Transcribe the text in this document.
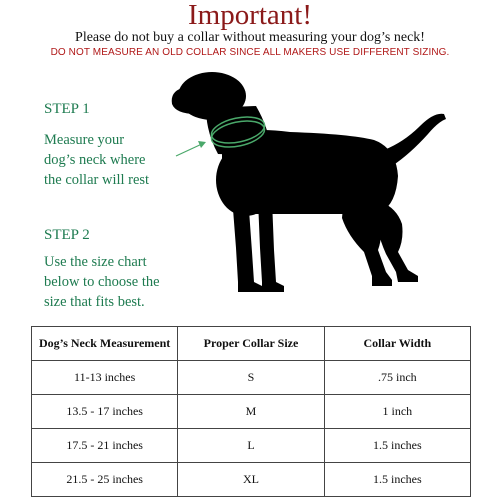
Important!
Please do not buy a collar without measuring your dog’s neck!
DO NOT MEASURE AN OLD COLLAR SINCE ALL MAKERS USE DIFFERENT SIZING.
STEP 1
Measure your
dog’s neck where
the collar will rest
STEP 2
Use the size chart
below to choose the
size that fits best.
Dog’s Neck Measurement	Proper Collar Size	Collar Width
11-13 inches	S	.75 inch
13.5 - 17 inches	M	1 inch
17.5 - 21 inches	L	1.5 inches
21.5 - 25 inches	XL	1.5 inches
